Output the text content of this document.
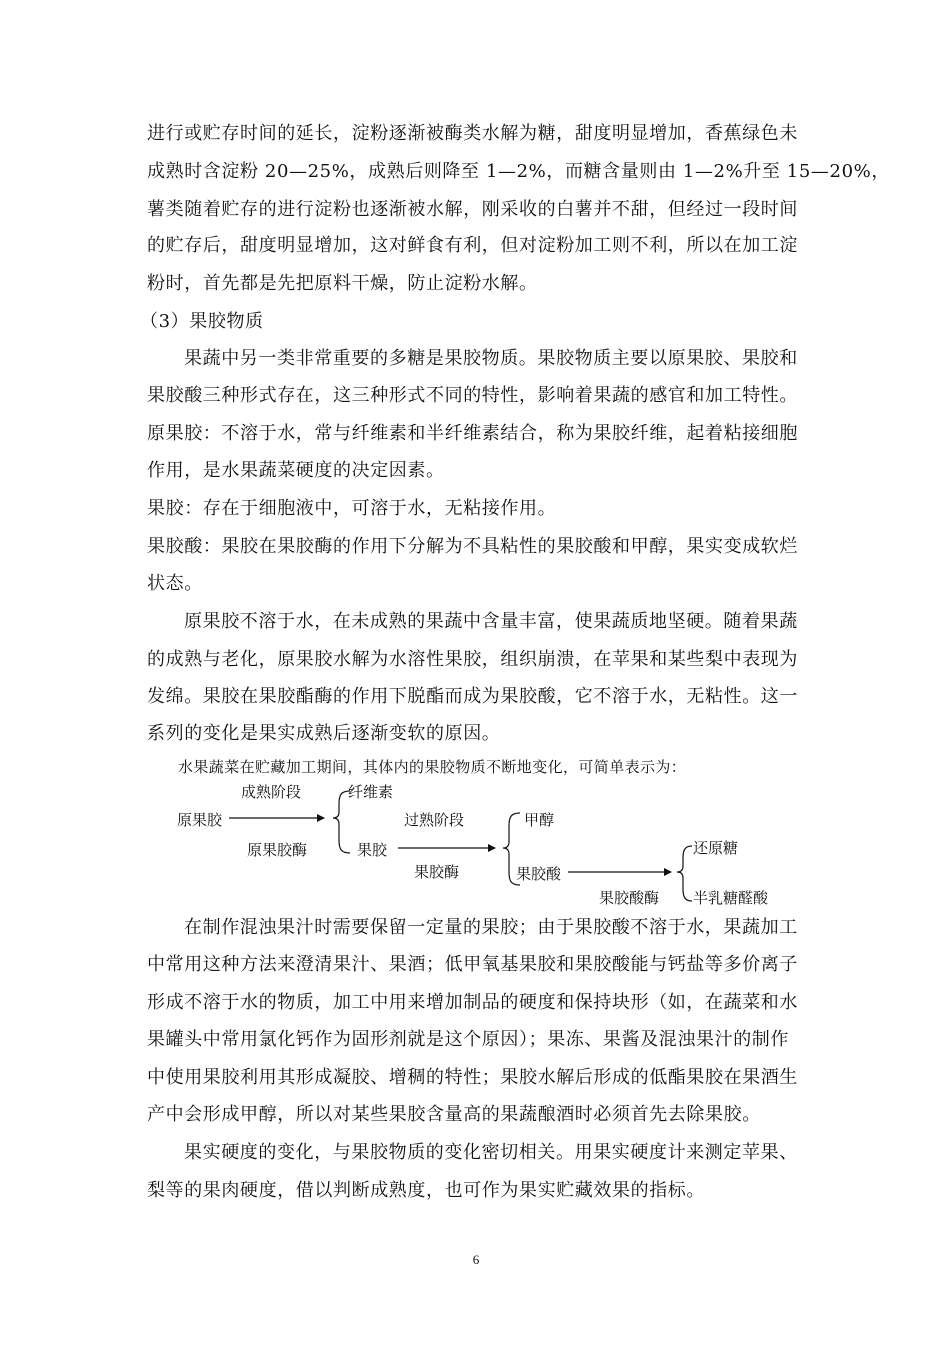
进行或贮存时间的延长，淀粉逐渐被酶类水解为糖，甜度明显增加，香蕉绿色未
成熟时含淀粉 20—25%，成熟后则降至 1—2%，而糖含量则由 1—2%升至 15—20%，
薯类随着贮存的进行淀粉也逐渐被水解，刚采收的白薯并不甜，但经过一段时间
的贮存后，甜度明显增加，这对鲜食有利，但对淀粉加工则不利，所以在加工淀
粉时，首先都是先把原料干燥，防止淀粉水解。
（3）果胶物质
果蔬中另一类非常重要的多糖是果胶物质。果胶物质主要以原果胶、果胶和
果胶酸三种形式存在，这三种形式不同的特性，影响着果蔬的感官和加工特性。
原果胶：不溶于水，常与纤维素和半纤维素结合，称为果胶纤维，起着粘接细胞
作用，是水果蔬菜硬度的决定因素。
果胶：存在于细胞液中，可溶于水，无粘接作用。
果胶酸：果胶在果胶酶的作用下分解为不具粘性的果胶酸和甲醇，果实变成软烂
状态。
原果胶不溶于水，在未成熟的果蔬中含量丰富，使果蔬质地坚硬。随着果蔬
的成熟与老化，原果胶水解为水溶性果胶，组织崩溃，在苹果和某些梨中表现为
发绵。果胶在果胶酯酶的作用下脱酯而成为果胶酸，它不溶于水，无粘性。这一
系列的变化是果实成熟后逐渐变软的原因。
水果蔬菜在贮藏加工期间，其体内的果胶物质不断地变化，可简单表示为：
原果胶
成熟阶段
原果胶酶
纤维素
果胶
过熟阶段
果胶酶
甲醇
果胶酸
果胶酸酶
还原糖
半乳糖醛酸
在制作混浊果汁时需要保留一定量的果胶；由于果胶酸不溶于水，果蔬加工
中常用这种方法来澄清果汁、果酒；低甲氧基果胶和果胶酸能与钙盐等多价离子
形成不溶于水的物质，加工中用来增加制品的硬度和保持块形（如，在蔬菜和水
果罐头中常用氯化钙作为固形剂就是这个原因）；果冻、果酱及混浊果汁的制作
中使用果胶利用其形成凝胶、增稠的特性；果胶水解后形成的低酯果胶在果酒生
产中会形成甲醇，所以对某些果胶含量高的果蔬酿酒时必须首先去除果胶。
果实硬度的变化，与果胶物质的变化密切相关。用果实硬度计来测定苹果、
梨等的果肉硬度，借以判断成熟度，也可作为果实贮藏效果的指标。
6
